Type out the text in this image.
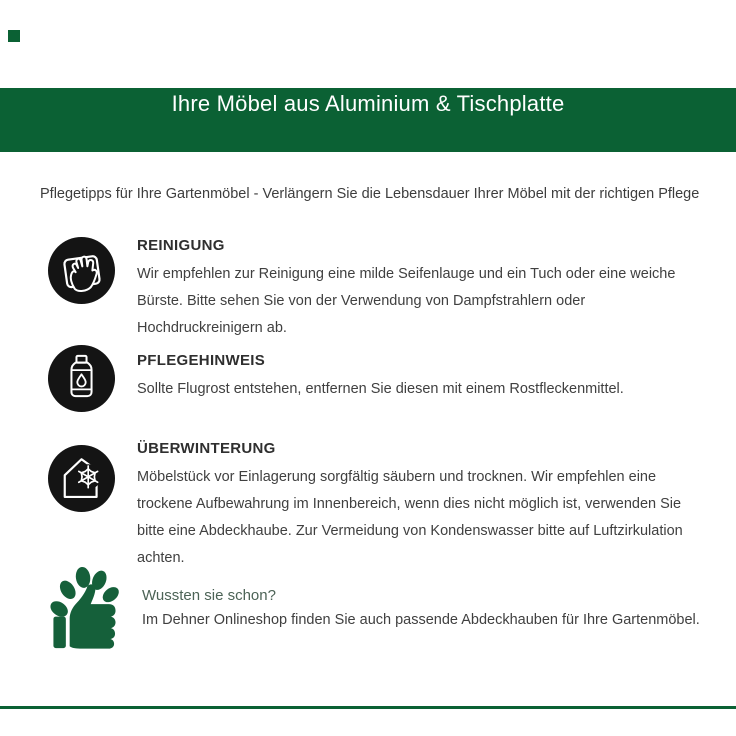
Ihre Möbel aus Aluminium & Tischplatte
Pflegetipps für Ihre Gartenmöbel - Verlängern Sie die Lebensdauer Ihrer Möbel mit der richtigen Pflege
REINIGUNG
Wir empfehlen zur Reinigung eine milde Seifenlauge und ein Tuch oder eine weiche Bürste. Bitte sehen Sie von der Verwendung von Dampfstrahlern oder Hochdruckreinigern ab.
PFLEGEHINWEIS
Sollte Flugrost entstehen, entfernen Sie diesen mit einem Rostfleckenmittel.
ÜBERWINTERUNG
Möbelstück vor Einlagerung sorgfältig säubern und trocknen. Wir empfehlen eine trockene Aufbewahrung im Innenbereich, wenn dies nicht möglich ist, verwenden Sie bitte eine Abdeckhaube. Zur Vermeidung von Kondenswasser bitte auf Luftzirkulation achten.
Wussten sie schon?
Im Dehner Onlineshop finden Sie auch passende Abdeckhauben für Ihre Gartenmöbel.
